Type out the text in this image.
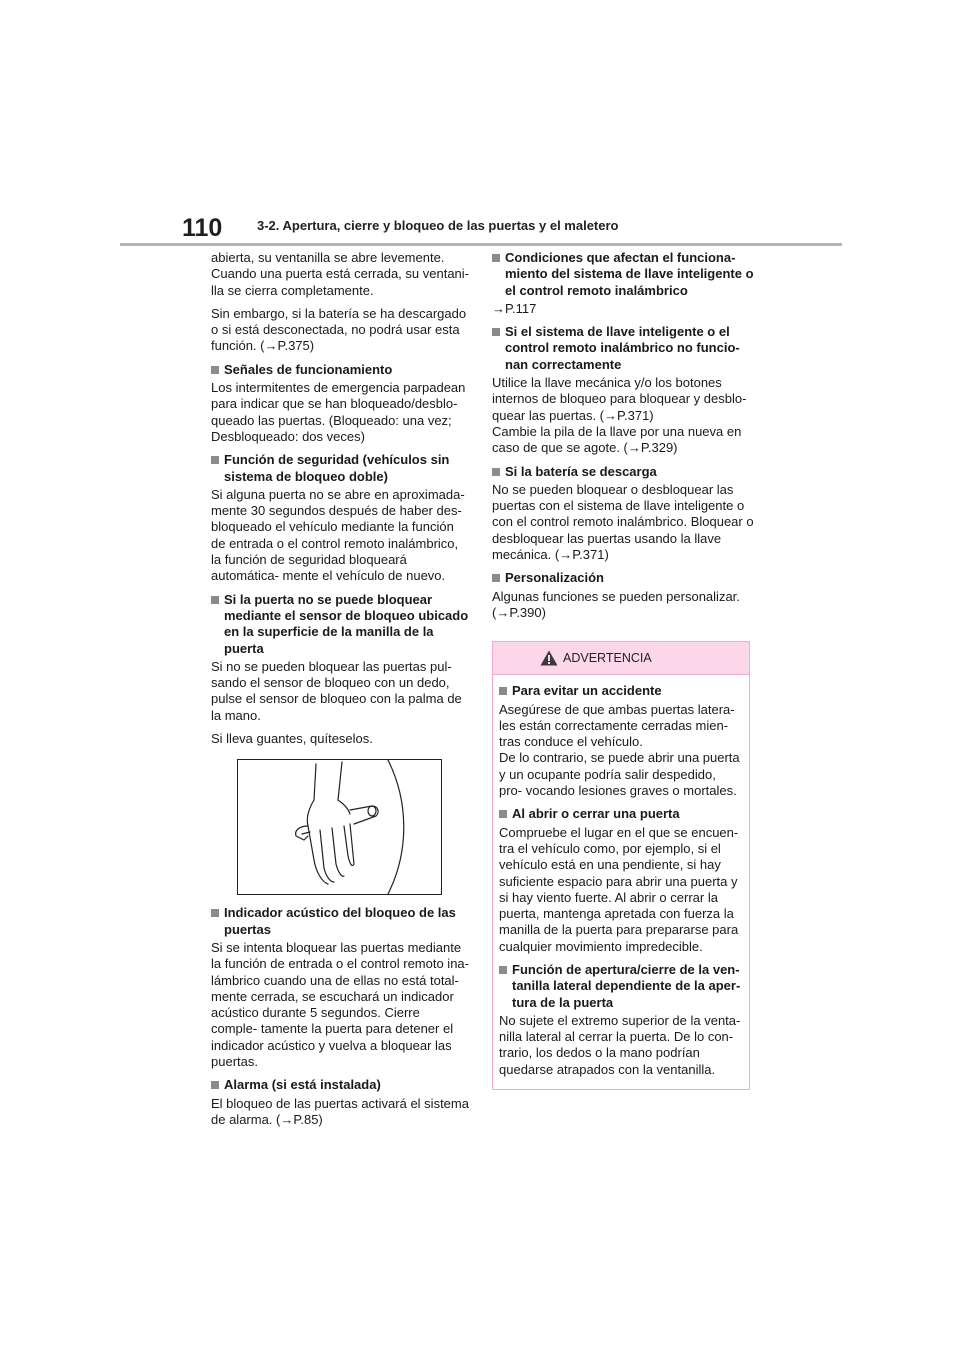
110	3-2. Apertura, cierre y bloqueo de las puertas y el maletero

abierta, su ventanilla se abre levemente. Cuando una puerta está cerrada, su ventani- lla se cierra completamente.

Sin embargo, si la batería se ha descargado o si está desconectada, no podrá usar esta función. (→P.375)

Señales de funcionamiento

Los intermitentes de emergencia parpadean para indicar que se han bloqueado/desblo- queado las puertas. (Bloqueado: una vez; Desbloqueado: dos veces)

Función de seguridad (vehículos sin sistema de bloqueo doble)

Si alguna puerta no se abre en aproximada- mente 30 segundos después de haber des- bloqueado el vehículo mediante la función de entrada o el control remoto inalámbrico, la función de seguridad bloqueará automática- mente el vehículo de nuevo.

Si la puerta no se puede bloquear mediante el sensor de bloqueo ubicado en la superficie de la manilla de la puerta

Si no se pueden bloquear las puertas pul- sando el sensor de bloqueo con un dedo, pulse el sensor de bloqueo con la palma de la mano.

Si lleva guantes, quíteselos.

Indicador acústico del bloqueo de las puertas

Si se intenta bloquear las puertas mediante la función de entrada o el control remoto ina- lámbrico cuando una de ellas no está total- mente cerrada, se escuchará un indicador acústico durante 5 segundos. Cierre comple- tamente la puerta para detener el indicador acústico y vuelva a bloquear las puertas.

Alarma (si está instalada)

El bloqueo de las puertas activará el sistema de alarma. (→P.85)

Condiciones que afectan el funciona- miento del sistema de llave inteligente o el control remoto inalámbrico

→P.117

Si el sistema de llave inteligente o el control remoto inalámbrico no funcio- nan correctamente

Utilice la llave mecánica y/o los botones internos de bloqueo para bloquear y desblo- quear las puertas. (→P.371)

Cambie la pila de la llave por una nueva en caso de que se agote. (→P.329)

Si la batería se descarga

No se pueden bloquear o desbloquear las puertas con el sistema de llave inteligente o con el control remoto inalámbrico. Bloquear o desbloquear las puertas usando la llave mecánica. (→P.371)

Personalización

Algunas funciones se pueden personalizar. (→P.390)

ADVERTENCIA
Para evitar un accidente

Asegúrese de que ambas puertas latera- les están correctamente cerradas mien- tras conduce el vehículo.

De lo contrario, se puede abrir una puerta y un ocupante podría salir despedido, pro- vocando lesiones graves o mortales.

Al abrir o cerrar una puerta

Compruebe el lugar en el que se encuen- tra el vehículo como, por ejemplo, si el vehículo está en una pendiente, si hay suficiente espacio para abrir una puerta y si hay viento fuerte. Al abrir o cerrar la puerta, mantenga apretada con fuerza la manilla de la puerta para prepararse para cualquier movimiento impredecible.

Función de apertura/cierre de la ven- tanilla lateral dependiente de la aper- tura de la puerta

No sujete el extremo superior de la venta- nilla lateral al cerrar la puerta. De lo con- trario, los dedos o la mano podrían quedarse atrapados con la ventanilla.
